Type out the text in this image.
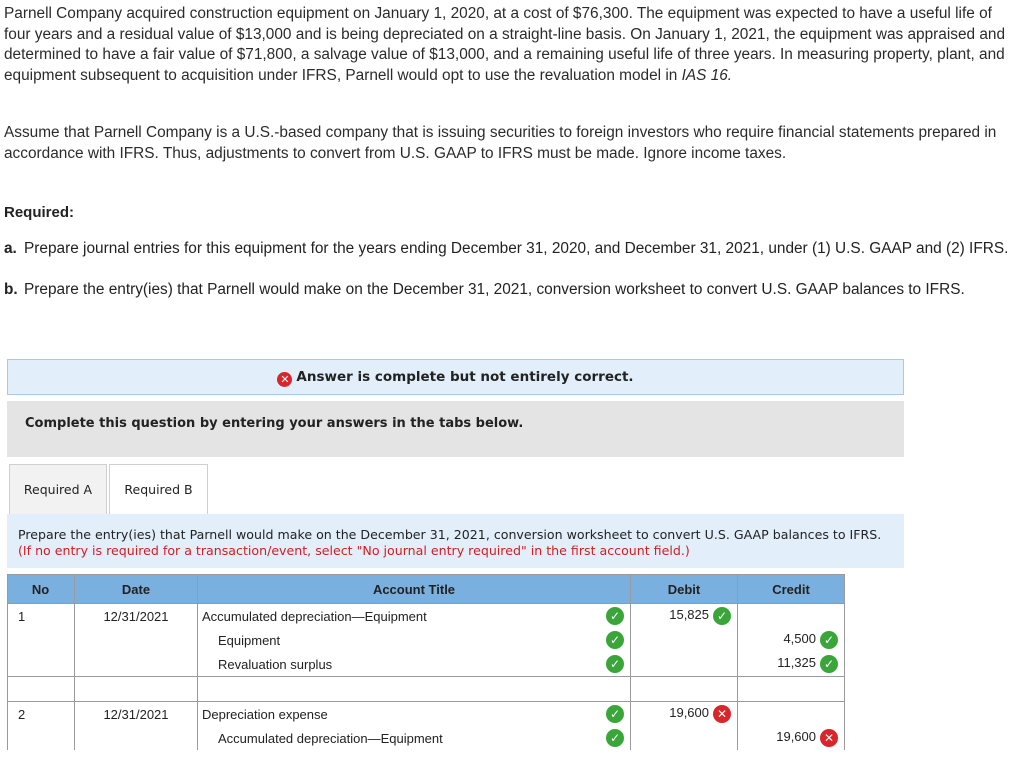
Parnell Company acquired construction equipment on January 1, 2020, at a cost of $76,300. The equipment was expected to have a useful life of four years and a residual value of $13,000 and is being depreciated on a straight-line basis. On January 1, 2021, the equipment was appraised and determined to have a fair value of $71,800, a salvage value of $13,000, and a remaining useful life of three years. In measuring property, plant, and equipment subsequent to acquisition under IFRS, Parnell would opt to use the revaluation model in IAS 16.
Assume that Parnell Company is a U.S.-based company that is issuing securities to foreign investors who require financial statements prepared in accordance with IFRS. Thus, adjustments to convert from U.S. GAAP to IFRS must be made. Ignore income taxes.
Required:
a. Prepare journal entries for this equipment for the years ending December 31, 2020, and December 31, 2021, under (1) U.S. GAAP and (2) IFRS.
b. Prepare the entry(ies) that Parnell would make on the December 31, 2021, conversion worksheet to convert U.S. GAAP balances to IFRS.
✕ Answer is complete but not entirely correct.
Complete this question by entering your answers in the tabs below.
Required A	Required B
Prepare the entry(ies) that Parnell would make on the December 31, 2021, conversion worksheet to convert U.S. GAAP balances to IFRS. (If no entry is required for a transaction/event, select "No journal entry required" in the first account field.)
No	Date	Account Title	Debit	Credit
1	12/31/2021	Accumulated depreciation—Equipment ✓	15,825 ✓	
		Equipment ✓		4,500 ✓
		Revaluation surplus ✓		11,325 ✓

2	12/31/2021	Depreciation expense ✓	19,600 ✕	
		Accumulated depreciation—Equipment ✓		19,600 ✕
